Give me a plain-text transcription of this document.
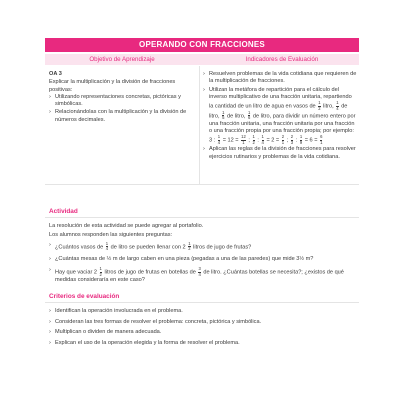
OPERANDO CON FRACCIONES
Objetivo de Aprendizaje	Indicadores de Evaluación
OA 3
Explicar la multiplicación y la división de fracciones positivas:
› Utilizando representaciones concretas, pictóricas y simbólicas.
› Relacionándolas con la multiplicación y la división de números decimales.
› Resuelven problemas de la vida cotidiana que requieren de la multiplicación de fracciones.
› Utilizan la metáfora de repartición para el cálculo del inverso multiplicativo de una fracción unitaria, repartiendo la cantidad de un litro de agua en vasos de $\frac{1}{2}$ litro, $\frac{1}{4}$ de litro, $\frac{1}{5}$ de litro, $\frac{1}{6}$ de litro, para dividir un número entero por una fracción unitaria, una fracción unitaria por una fracción o una fracción propia por una fracción propia; por ejemplo:
3 : $\frac{1}{4} = 12 = \frac{12}{1}$ ; $\frac{1}{2}$ : $\frac{1}{4} = 2 = \frac{2}{1}$ ; $\frac{2}{3}$ : $\frac{1}{9} = 6 = \frac{6}{1}$
› Aplican las reglas de la división de fracciones para resolver ejercicios rutinarios y problemas de la vida cotidiana.
Actividad
La resolución de esta actividad se puede agregar al portafolio.
Los alumnos responden las siguientes preguntas:
› ¿Cuántos vasos de $\frac{1}{4}$ de litro se pueden llenar con $2 \frac{1}{2}$ litros de jugo de frutas?
› ¿Cuántas mesas de ½ m de largo caben en una pieza (pegadas a una de las paredes) que mide 3½ m?
› Hay que vaciar $2 \frac{1}{2}$ litros de jugo de frutas en botellas de $\frac{3}{4}$ de litro. ¿Cuántas botellas se necesita?; ¿existos de qué medidas consideraría en este caso?
Criterios de evaluación
› Identifican la operación involucrada en el problema.
› Consideran las tres formas de resolver el problema: concreta, pictórica y simbólica.
› Multiplican o dividen de manera adecuada.
› Explican el uso de la operación elegida y la forma de resolver el problema.
